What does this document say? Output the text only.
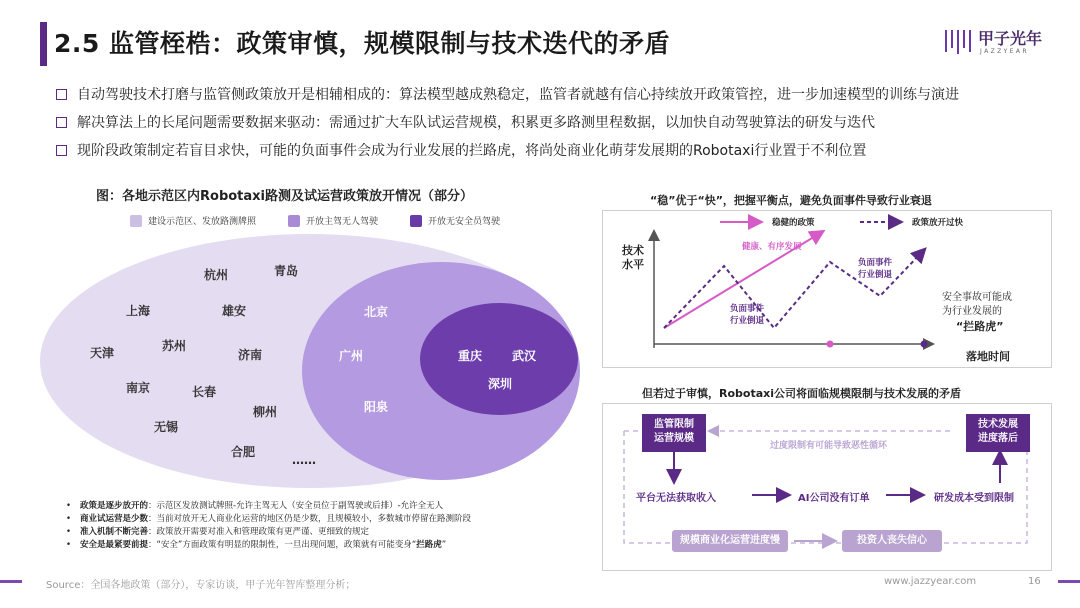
2.5 监管桎梏：政策审慎，规模限制与技术迭代的矛盾	甲子光年
JAZZYEAR
自动驾驶技术打磨与监管侧政策放开是相辅相成的：算法模型越成熟稳定，监管者就越有信心持续放开政策管控，进一步加速模型的训练与演进
解决算法上的长尾问题需要数据来驱动：需通过扩大车队试运营规模，积累更多路测里程数据，以加快自动驾驶算法的研发与迭代
现阶段政策制定若盲目求快，可能的负面事件会成为行业发展的拦路虎，将尚处商业化萌芽发展期的Robotaxi行业置于不利位置
图：各地示范区内Robotaxi路测及试运营政策放开情况（部分）
建设示范区、发放路测牌照	开放主驾无人驾驶	开放无安全员驾驶
杭州	青岛
上海	雄安
天津	苏州
济南
南京	长春
柳州
无锡
合肥
……
北京
广州
阳泉
重庆 武汉
深圳
• 政策是逐步放开的：示范区发放测试牌照-允许主驾无人（安全员位于副驾驶或后排）-允许全无人
• 商业试运营是少数：当前对放开无人商业化运营的地区仍是少数，且规模较小，多数城市停留在路测阶段
• 准入机制不断完善：政策放开需要对准入和管理政策有更严谨、更细致的规定
• 安全是最紧要前提：“安全”方面政策有明显的限制性，一旦出现问题，政策就有可能变身“拦路虎”
“稳”优于“快”，把握平衡点，避免负面事件导致行业衰退
稳健的政策	政策放开过快
技术
水平
落地时间
健康、有序发展
负面事件
行业倒退
负面事件
行业倒退
安全事故可能成
为行业发展的
“拦路虎”
但若过于审慎，Robotaxi公司将面临规模限制与技术发展的矛盾
监管限制运营规模
技术发展进度落后
过度限制有可能导致恶性循环
平台无法获取收入	AI公司没有订单	研发成本受到限制
规模商业化运营进度慢	投资人丧失信心
Source：全国各地政策（部分），专家访谈，甲子光年智库整理分析；	www.jazzyear.com	16
